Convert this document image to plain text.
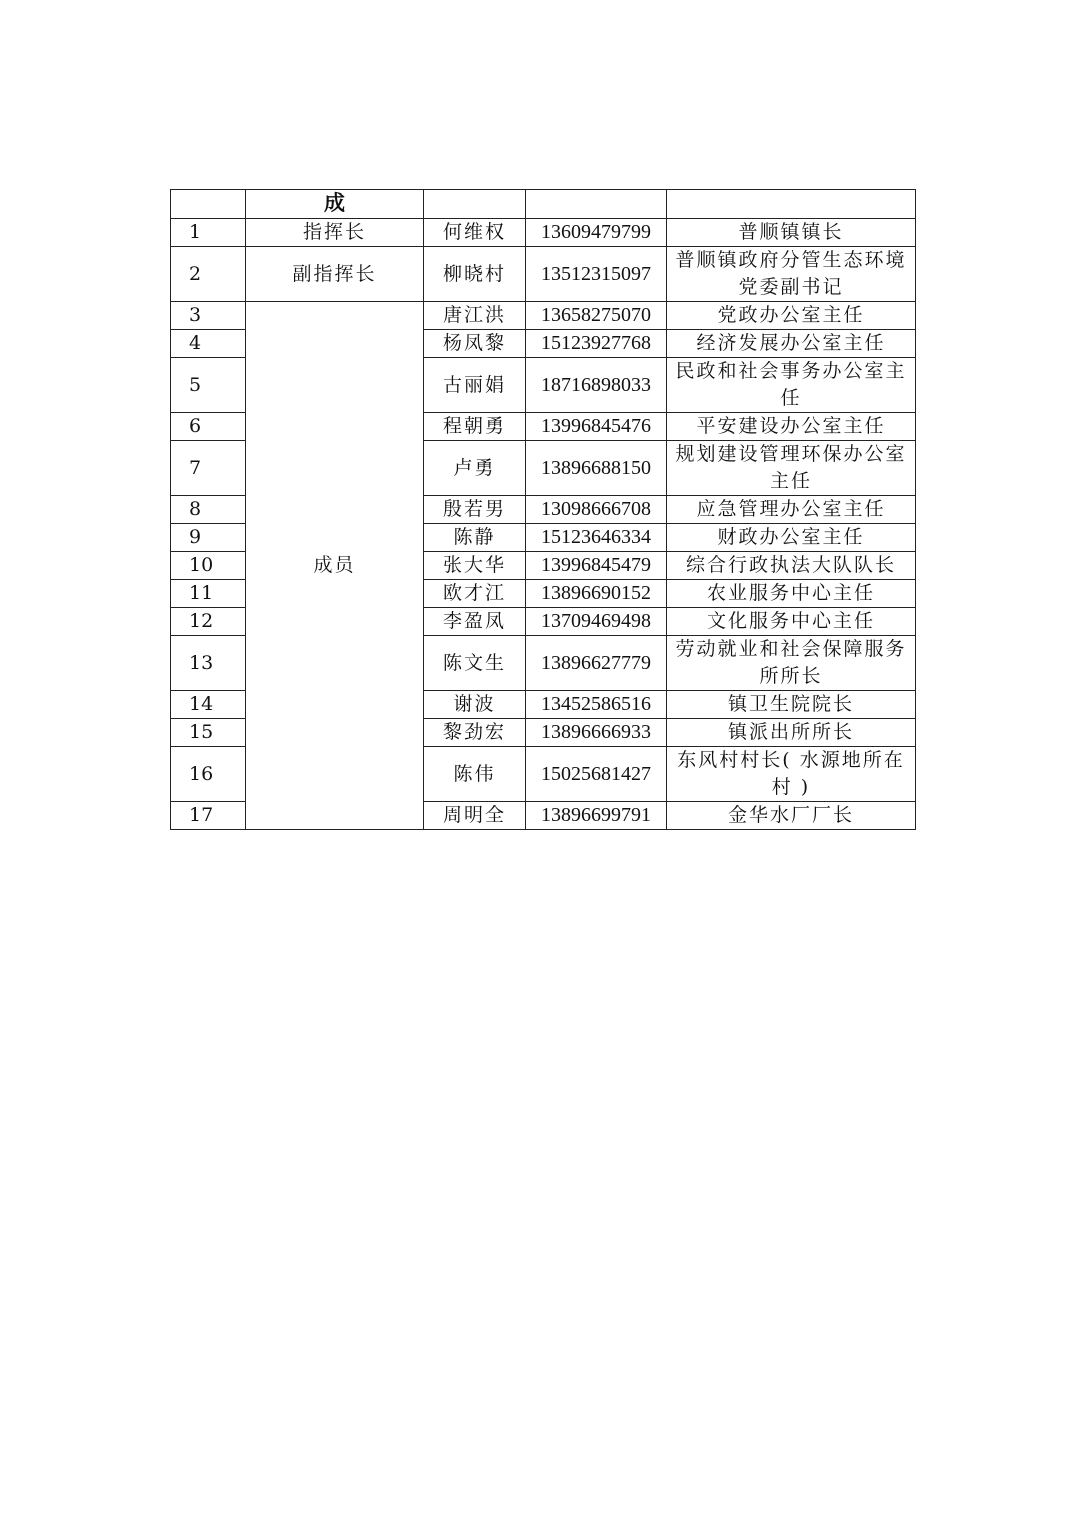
	成			
1	指挥长	何维权	13609479799	普顺镇镇长
2	副指挥长	柳晓村	13512315097	普顺镇政府分管生态环境党委副书记
3	成员	唐江洪	13658275070	党政办公室主任
4		杨凤黎	15123927768	经济发展办公室主任
5		古丽娟	18716898033	民政和社会事务办公室主任
6		程朝勇	13996845476	平安建设办公室主任
7		卢勇	13896688150	规划建设管理环保办公室主任
8		殷若男	13098666708	应急管理办公室主任
9		陈静	15123646334	财政办公室主任
10		张大华	13996845479	综合行政执法大队队长
11		欧才江	13896690152	农业服务中心主任
12		李盈凤	13709469498	文化服务中心主任
13		陈文生	13896627779	劳动就业和社会保障服务所所长
14		谢波	13452586516	镇卫生院院长
15		黎劲宏	13896666933	镇派出所所长
16		陈伟	15025681427	东风村村长( 水源地所在村 )
17		周明全	13896699791	金华水厂厂长
